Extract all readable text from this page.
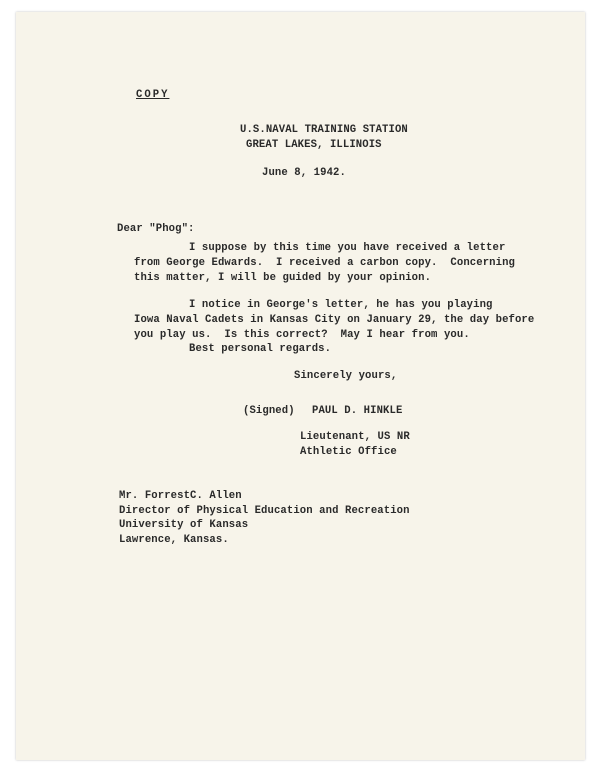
COPY
U.S.NAVAL TRAINING STATION
GREAT LAKES, ILLINOIS
June 8, 1942.
Dear "Phog":
I suppose by this time you have received a letter
from George Edwards.  I received a carbon copy.  Concerning
this matter, I will be guided by your opinion.
I notice in George's letter, he has you playing
Iowa Naval Cadets in Kansas City on January 29, the day before
you play us.  Is this correct?  May I hear from you.
Best personal regards.
Sincerely yours,
(Signed) PAUL D. HINKLE
Lieutenant, US NR
Athletic Office
Mr. ForrestC. Allen
Director of Physical Education and Recreation
University of Kansas
Lawrence, Kansas.
